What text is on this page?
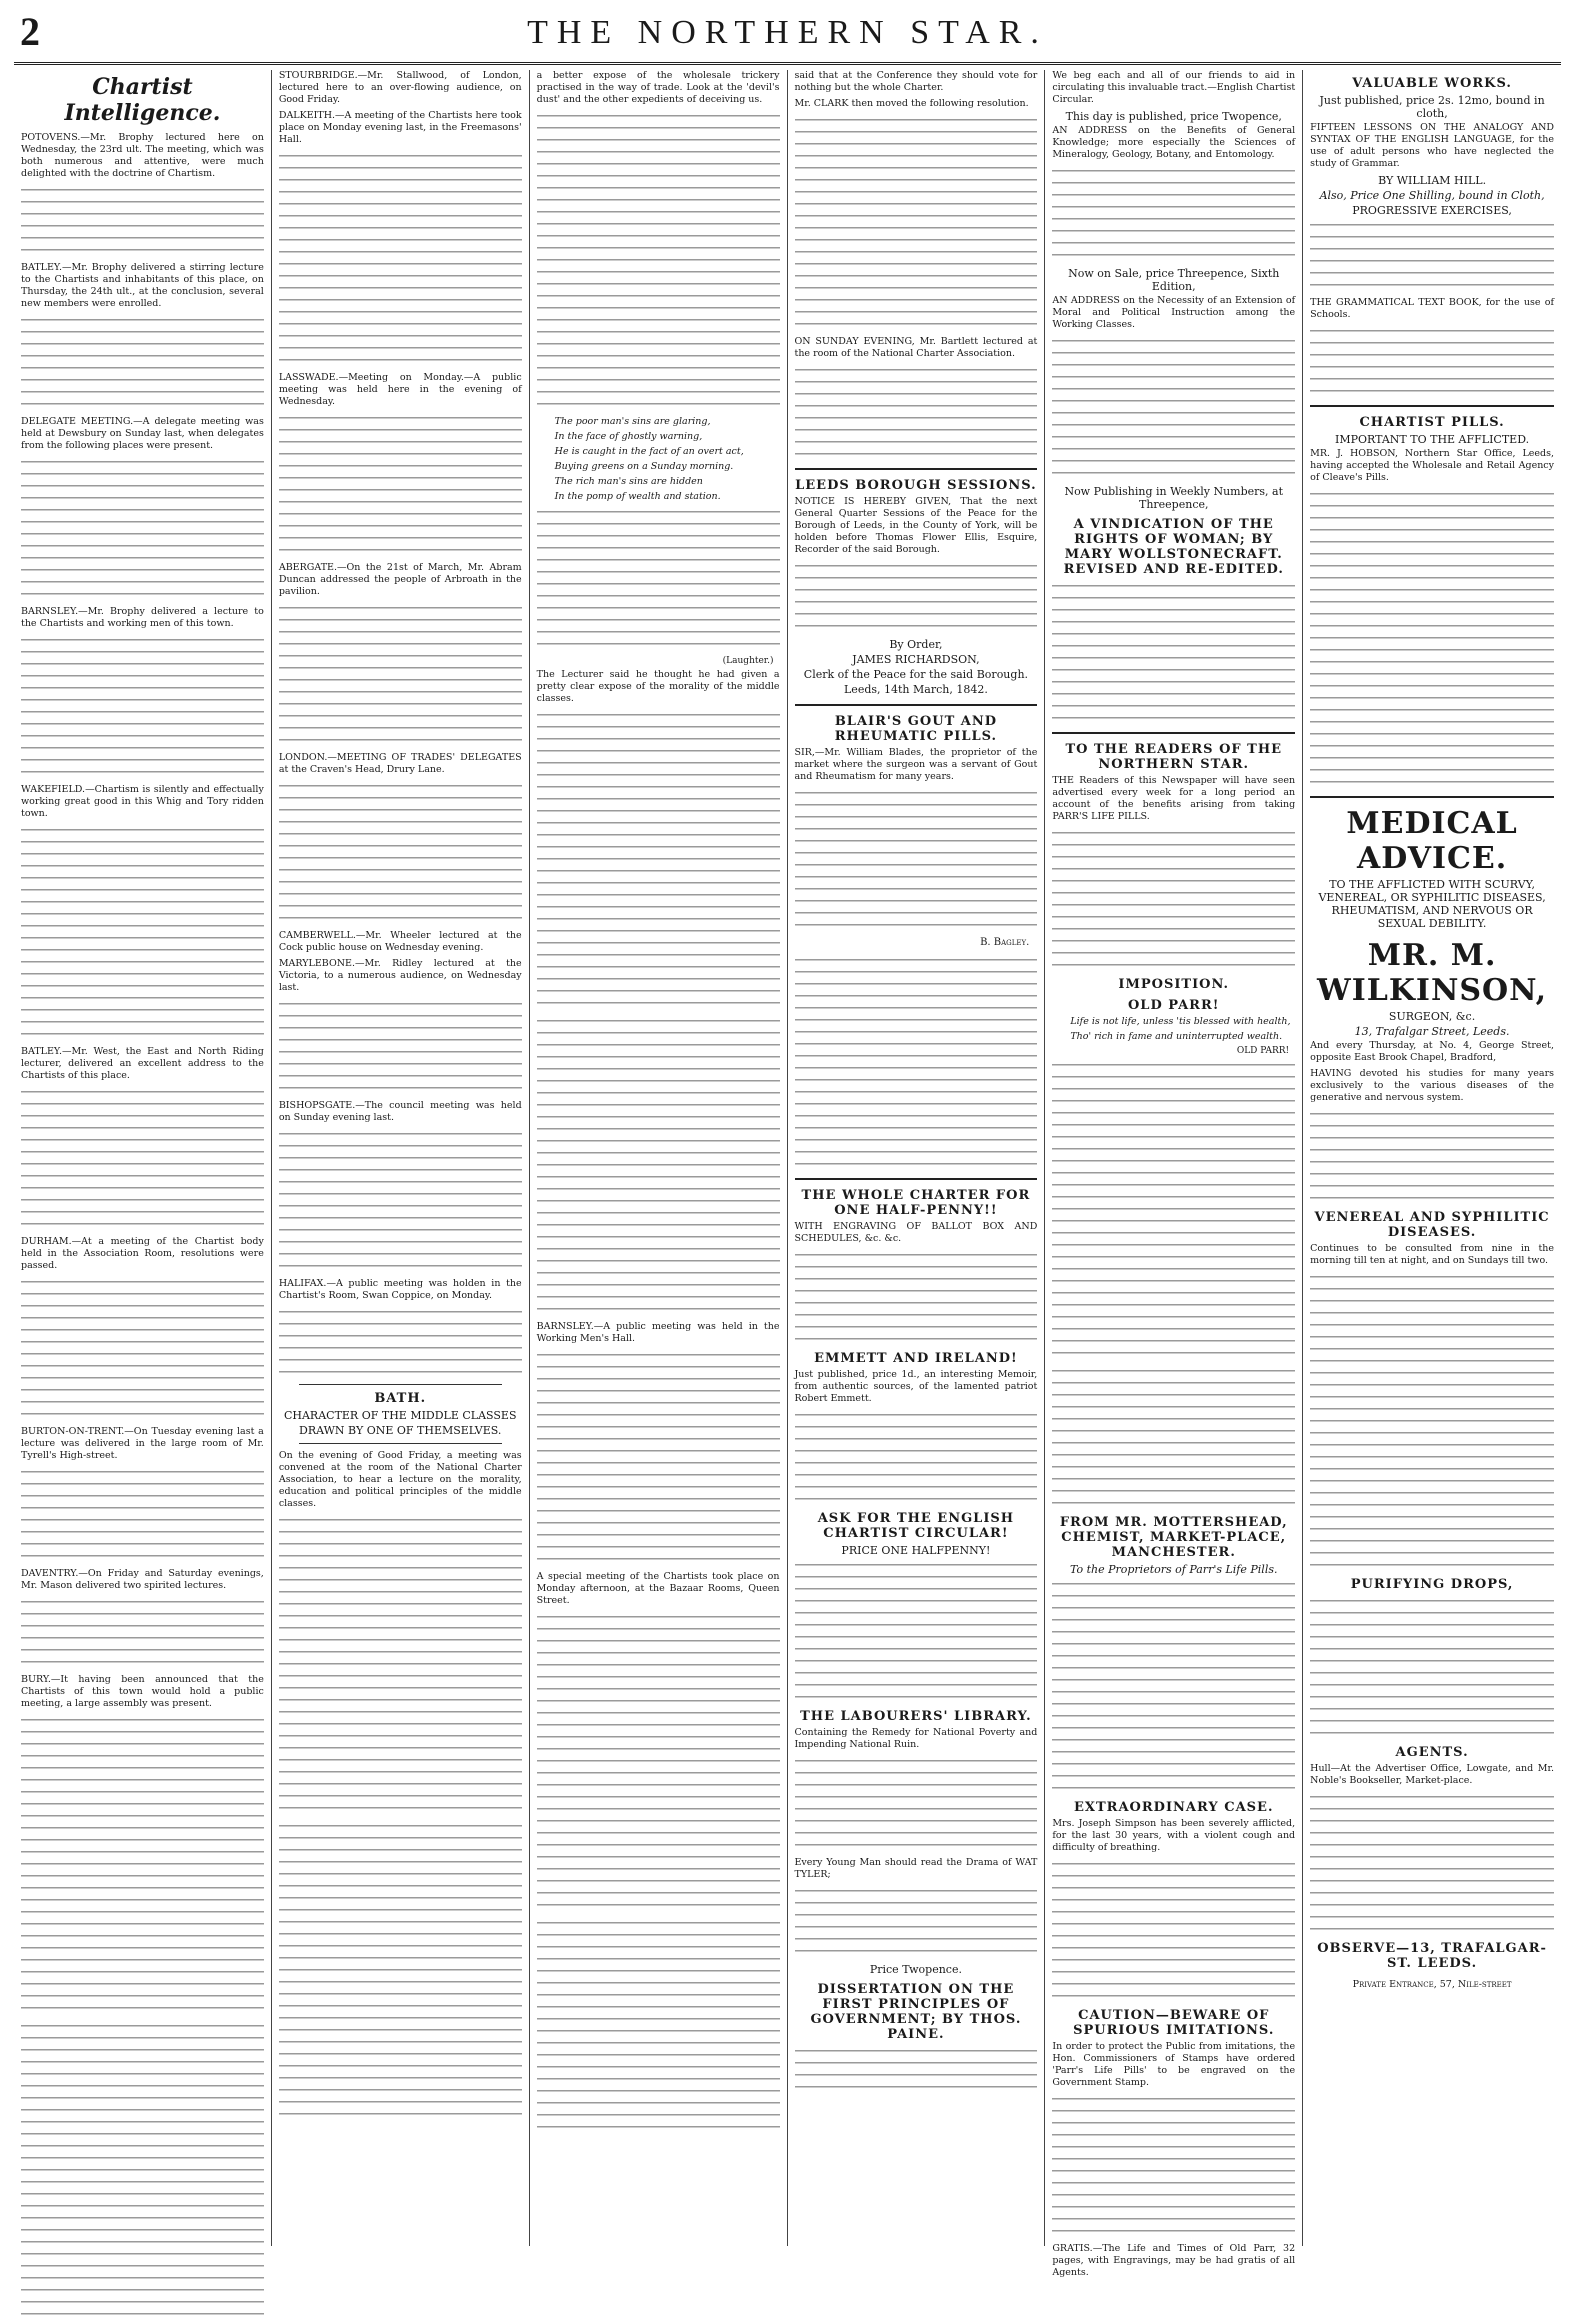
2	THE NORTHERN STAR.
Chartist Intelligence.

POTOVENS.—Mr. Brophy lectured here on Wednesday, the 23rd ult. The meeting, which was both numerous and attentive, were much delighted with the doctrine of Chartism.

BATLEY.—Mr. Brophy delivered a stirring lecture to the Chartists and inhabitants of this place, on Thursday, the 24th ult., at the conclusion, several new members were enrolled.

DELEGATE MEETING.—A delegate meeting was held at Dewsbury on Sunday last, when delegates from the following places were present.

BARNSLEY.—Mr. Brophy delivered a lecture to the Chartists and working men of this town.

WAKEFIELD.—Chartism is silently and effectually working great good in this Whig and Tory ridden town.

BATLEY.—Mr. West, the East and North Riding lecturer, delivered an excellent address to the Chartists of this place.

DURHAM.—At a meeting of the Chartist body held in the Association Room, resolutions were passed.

BURTON-ON-TRENT.—On Tuesday evening last a lecture was delivered in the large room of Mr. Tyrell's High-street.

DAVENTRY.—On Friday and Saturday evenings, Mr. Mason delivered two spirited lectures.

BURY.—It having been announced that the Chartists of this town would hold a public meeting, a large assembly was present.

STOURBRIDGE.—Mr. Stallwood, of London, lectured here to an over-flowing audience, on Good Friday.

DALKEITH.—A meeting of the Chartists here took place on Monday evening last, in the Freemasons' Hall.

LASSWADE.—Meeting on Monday.—A public meeting was held here in the evening of Wednesday.

ABERGATE.—On the 21st of March, Mr. Abram Duncan addressed the people of Arbroath in the pavilion.

LONDON.—MEETING OF TRADES' DELEGATES at the Craven's Head, Drury Lane.

CAMBERWELL.—Mr. Wheeler lectured at the Cock public house on Wednesday evening.

MARYLEBONE.—Mr. Ridley lectured at the Victoria, to a numerous audience, on Wednesday last.

BISHOPSGATE.—The council meeting was held on Sunday evening last.

HALIFAX.—A public meeting was holden in the Chartist's Room, Swan Coppice, on Monday.

BATH.
CHARACTER OF THE MIDDLE CLASSES
DRAWN BY ONE OF THEMSELVES.

On the evening of Good Friday, a meeting was convened at the room of the National Charter Association, to hear a lecture on the morality, education and political principles of the middle classes.

a better expose of the wholesale trickery practised in the way of trade. Look at the 'devil's dust' and the other expedients of deceiving us.

The poor man's sins are glaring,
In the face of ghostly warning,
He is caught in the fact of an overt act,
Buying greens on a Sunday morning.
The rich man's sins are hidden
In the pomp of wealth and station.
(Laughter.)

The Lecturer said he thought he had given a pretty clear expose of the morality of the middle classes.

BARNSLEY.—A public meeting was held in the Working Men's Hall.

A special meeting of the Chartists took place on Monday afternoon, at the Bazaar Rooms, Queen Street.

said that at the Conference they should vote for nothing but the whole Charter.

Mr. CLARK then moved the following resolution.

ON SUNDAY EVENING, Mr. Bartlett lectured at the room of the National Charter Association.

LEEDS BOROUGH SESSIONS.

NOTICE IS HEREBY GIVEN, That the next General Quarter Sessions of the Peace for the Borough of Leeds, in the County of York, will be holden before Thomas Flower Ellis, Esquire, Recorder of the said Borough.

By Order,
JAMES RICHARDSON,
Clerk of the Peace for the said Borough.
Leeds, 14th March, 1842.
BLAIR'S GOUT AND RHEUMATIC PILLS.

SIR,—Mr. William Blades, the proprietor of the market where the surgeon was a servant of Gout and Rheumatism for many years.

B. Bagley.
THE WHOLE CHARTER FOR ONE HALF-PENNY!!

WITH ENGRAVING OF BALLOT BOX AND SCHEDULES, &c. &c.

EMMETT AND IRELAND!

Just published, price 1d., an interesting Memoir, from authentic sources, of the lamented patriot Robert Emmett.

ASK FOR THE ENGLISH CHARTIST CIRCULAR!
PRICE ONE HALFPENNY!
THE LABOURERS' LIBRARY.

Containing the Remedy for National Poverty and Impending National Ruin.

Every Young Man should read the Drama of WAT TYLER;

Price Twopence.
DISSERTATION ON THE FIRST PRINCIPLES OF GOVERNMENT; BY THOS. PAINE.

We beg each and all of our friends to aid in circulating this invaluable tract.—English Chartist Circular.

This day is published, price Twopence,

AN ADDRESS on the Benefits of General Knowledge; more especially the Sciences of Mineralogy, Geology, Botany, and Entomology.

Now on Sale, price Threepence, Sixth Edition,

AN ADDRESS on the Necessity of an Extension of Moral and Political Instruction among the Working Classes.

Now Publishing in Weekly Numbers, at Threepence,
A VINDICATION OF THE RIGHTS OF WOMAN; BY MARY WOLLSTONECRAFT. REVISED AND RE-EDITED.
TO THE READERS OF THE NORTHERN STAR.

THE Readers of this Newspaper will have seen advertised every week for a long period an account of the benefits arising from taking PARR'S LIFE PILLS.

IMPOSITION.
OLD PARR!
Life is not life, unless 'tis blessed with health,
Tho' rich in fame and uninterrupted wealth.
OLD PARR!
FROM MR. MOTTERSHEAD, CHEMIST, MARKET-PLACE, MANCHESTER.
To the Proprietors of Parr's Life Pills.
EXTRAORDINARY CASE.

Mrs. Joseph Simpson has been severely afflicted, for the last 30 years, with a violent cough and difficulty of breathing.

CAUTION—BEWARE OF SPURIOUS IMITATIONS.

In order to protect the Public from imitations, the Hon. Commissioners of Stamps have ordered 'Parr's Life Pills' to be engraved on the Government Stamp.

GRATIS.—The Life and Times of Old Parr, 32 pages, with Engravings, may be had gratis of all Agents.

VALUABLE WORKS.
Just published, price 2s. 12mo, bound in cloth,

FIFTEEN LESSONS ON THE ANALOGY AND SYNTAX OF THE ENGLISH LANGUAGE, for the use of adult persons who have neglected the study of Grammar.

BY WILLIAM HILL.
Also, Price One Shilling, bound in Cloth,
PROGRESSIVE EXERCISES,

THE GRAMMATICAL TEXT BOOK, for the use of Schools.

CHARTIST PILLS.
IMPORTANT TO THE AFFLICTED.

MR. J. HOBSON, Northern Star Office, Leeds, having accepted the Wholesale and Retail Agency of Cleave's Pills.

MEDICAL ADVICE.
TO THE AFFLICTED WITH SCURVY, VENEREAL, OR SYPHILITIC DISEASES, RHEUMATISM, AND NERVOUS OR SEXUAL DEBILITY.
MR. M. WILKINSON,
SURGEON, &c.
13, Trafalgar Street, Leeds.

And every Thursday, at No. 4, George Street, opposite East Brook Chapel, Bradford,

HAVING devoted his studies for many years exclusively to the various diseases of the generative and nervous system.

VENEREAL AND SYPHILITIC DISEASES.

Continues to be consulted from nine in the morning till ten at night, and on Sundays till two.

PURIFYING DROPS,
AGENTS.

Hull—At the Advertiser Office, Lowgate, and Mr. Noble's Bookseller, Market-place.

OBSERVE—13, TRAFALGAR-ST. LEEDS.
Private Entrance, 57, Nile-street
